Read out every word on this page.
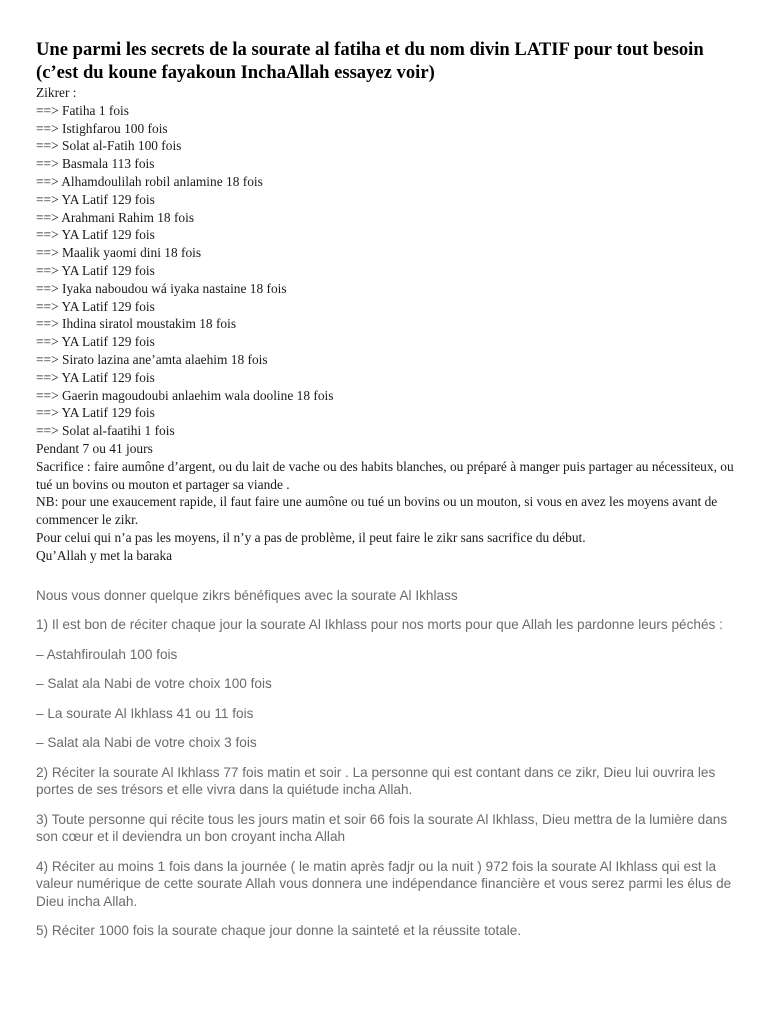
Une parmi les secrets de la sourate al fatiha et du nom divin LATIF pour tout besoin (c’est du koune fayakoun InchaAllah essayez voir)
Zikrer :
==> Fatiha 1 fois
==> Istighfarou 100 fois
==> Solat al-Fatih 100 fois
==> Basmala 113 fois
==> Alhamdoulilah robil anlamine 18 fois
==> YA Latif 129 fois
==> Arahmani Rahim 18 fois
==> YA Latif 129 fois
==> Maalik yaomi dini 18 fois
==> YA Latif 129 fois
==> Iyaka naboudou wá iyaka nastaine 18 fois
==> YA Latif 129 fois
==> Ihdina siratol moustakim 18 fois
==> YA Latif 129 fois
==> Sirato lazina ane’amta alaehim 18 fois
==> YA Latif 129 fois
==> Gaerin magoudoubi anlaehim wala dooline 18 fois
==> YA Latif 129 fois
==> Solat al-faatihi 1 fois
Pendant 7 ou 41 jours
Sacrifice : faire aumône d’argent, ou du lait de vache ou des habits blanches, ou préparé à manger puis partager au nécessiteux, ou tué un bovins ou mouton et partager sa viande .
NB: pour une exaucement rapide, il faut faire une aumône ou tué un bovins ou un mouton, si vous en avez les moyens avant de commencer le zikr.
Pour celui qui n’a pas les moyens, il n’y a pas de problème, il peut faire le zikr sans sacrifice du début.
Qu’Allah y met la baraka

Nous vous donner quelque zikrs bénéfiques avec la sourate Al Ikhlass

1) Il est bon de réciter chaque jour la sourate Al Ikhlass pour nos morts pour que Allah les pardonne leurs péchés :

– Astahfiroulah 100 fois

– Salat ala Nabi de votre choix 100 fois

– La sourate Al Ikhlass 41 ou 11 fois

– Salat ala Nabi de votre choix 3 fois

2) Réciter la sourate Al Ikhlass 77 fois matin et soir . La personne qui est contant dans ce zikr, Dieu lui ouvrira les portes de ses trésors et elle vivra dans la quiétude incha Allah.

3) Toute personne qui récite tous les jours matin et soir 66 fois la sourate Al Ikhlass, Dieu mettra de la lumière dans son cœur et il deviendra un bon croyant incha Allah

4) Réciter au moins 1 fois dans la journée ( le matin après fadjr ou la nuit ) 972 fois la sourate Al Ikhlass qui est la valeur numérique de cette sourate Allah vous donnera une indépendance financière et vous serez parmi les élus de Dieu incha Allah.

5) Réciter 1000 fois la sourate chaque jour donne la sainteté et la réussite totale.
